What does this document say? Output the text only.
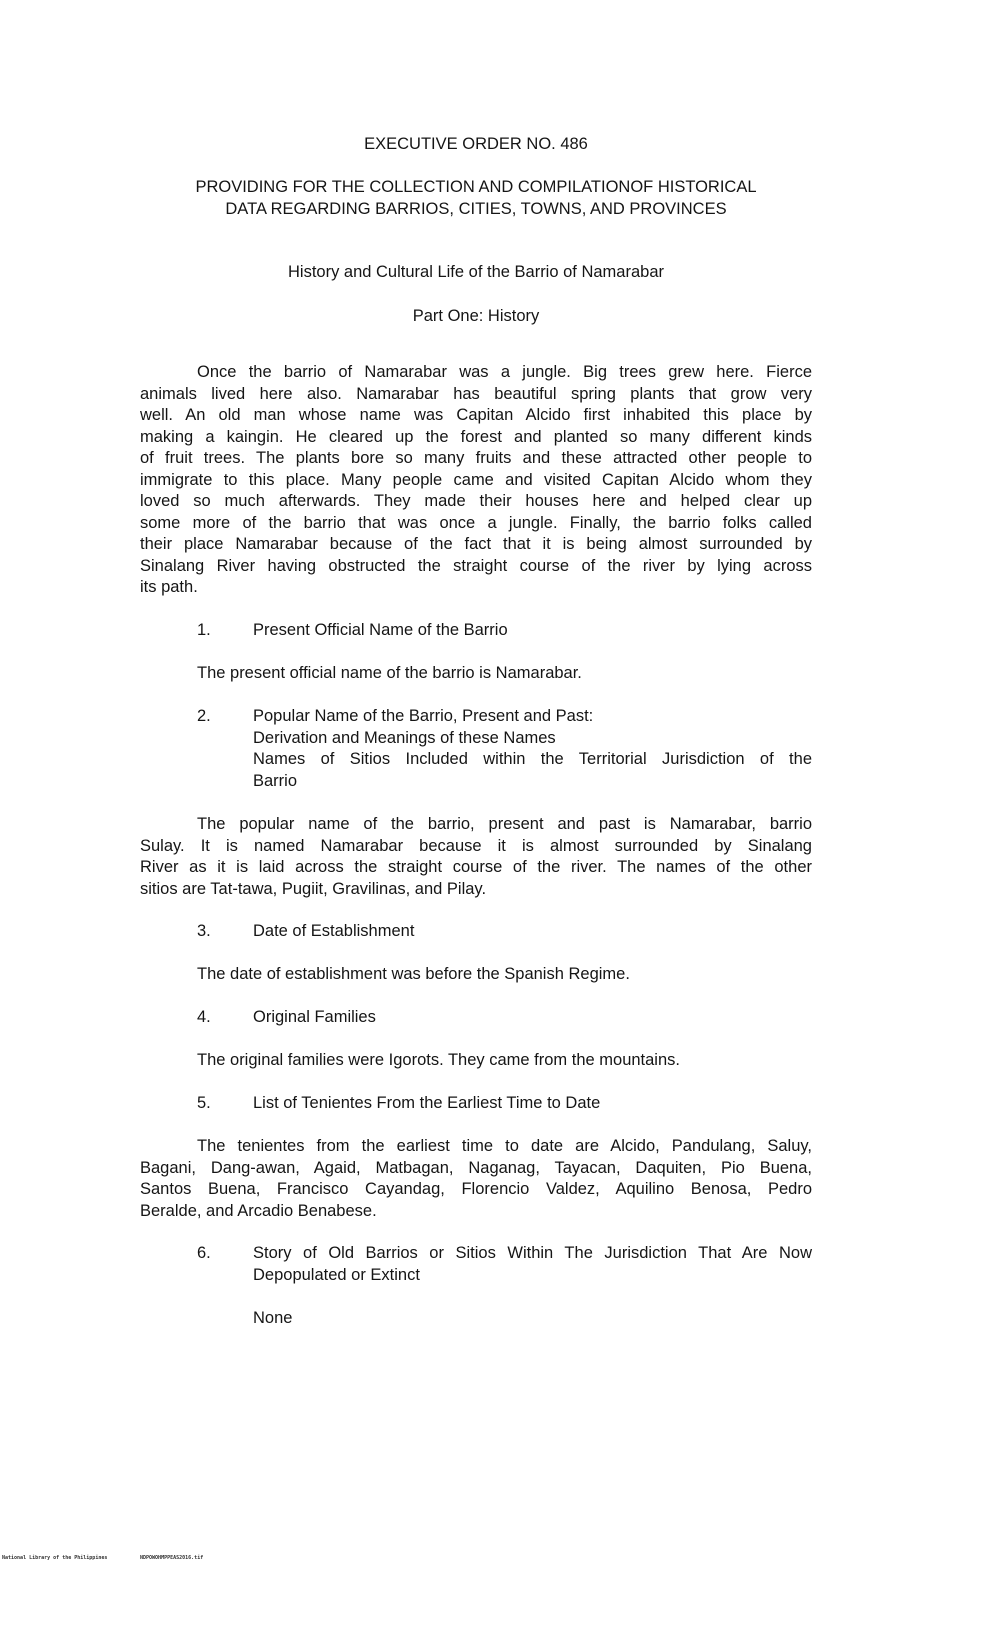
EXECUTIVE ORDER NO. 486
PROVIDING FOR THE COLLECTION AND COMPILATIONOF HISTORICAL
DATA REGARDING BARRIOS, CITIES, TOWNS, AND PROVINCES
History and Cultural Life of the Barrio of Namarabar
Part One: History
Once the barrio of Namarabar was a jungle. Big trees grew here. Fierce
animals lived here also. Namarabar has beautiful spring plants that grow very
well. An old man whose name was Capitan Alcido first inhabited this place by
making a kaingin. He cleared up the forest and planted so many different kinds
of fruit trees. The plants bore so many fruits and these attracted other people to
immigrate to this place. Many people came and visited Capitan Alcido whom they
loved so much afterwards. They made their houses here and helped clear up
some more of the barrio that was once a jungle. Finally, the barrio folks called
their place Namarabar because of the fact that it is being almost surrounded by
Sinalang River having obstructed the straight course of the river by lying across
its path.
1.	Present Official Name of the Barrio
The present official name of the barrio is Namarabar.
2.	Popular Name of the Barrio, Present and Past:
Derivation and Meanings of these Names
Names of Sitios Included within the Territorial Jurisdiction of the
Barrio
The popular name of the barrio, present and past is Namarabar, barrio
Sulay. It is named Namarabar because it is almost surrounded by Sinalang
River as it is laid across the straight course of the river. The names of the other
sitios are Tat-tawa, Pugiit, Gravilinas, and Pilay.
3.	Date of Establishment
The date of establishment was before the Spanish Regime.
4.	Original Families
The original families were Igorots. They came from the mountains.
5.	List of Tenientes From the Earliest Time to Date
The tenientes from the earliest time to date are Alcido, Pandulang, Saluy,
Bagani, Dang-awan, Agaid, Matbagan, Naganag, Tayacan, Daquiten, Pio Buena,
Santos Buena, Francisco Cayandag, Florencio Valdez, Aquilino Benosa, Pedro
Beralde, and Arcadio Benabese.
6.	Story of Old Barrios or Sitios Within The Jurisdiction That Are Now
Depopulated or Extinct
None
National Library of the Philippines	NDPOWOHMPPEAS2016.tif
